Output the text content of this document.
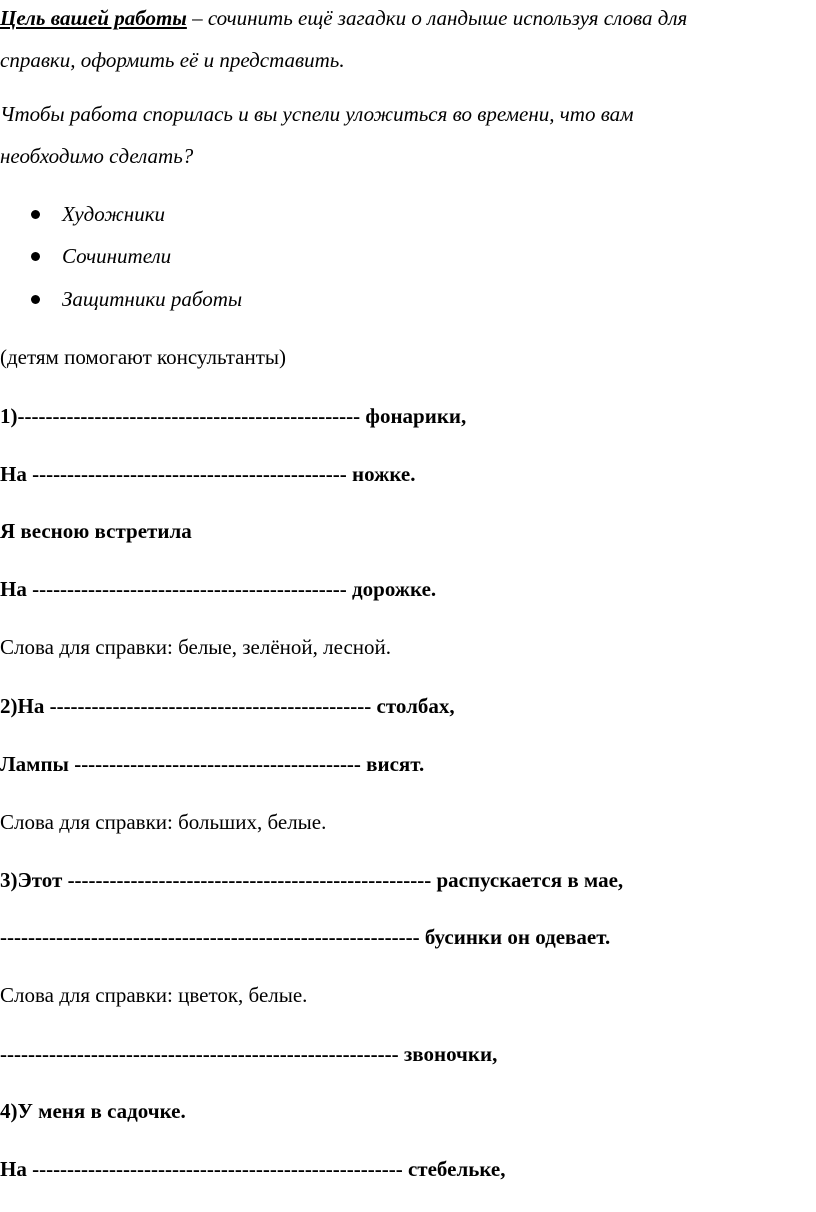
Цель вашей работы – сочинить ещё загадки о ландыше используя слова для
справки, оформить её и представить.
Чтобы работа спорилась и вы успели уложиться во времени, что вам
необходимо сделать?
Художники
Сочинители
Защитники работы
(детям помогают консультанты)
1)------------------------------------------------- фонарики,
На --------------------------------------------- ножке.
Я весною встретила
На --------------------------------------------- дорожке.
Слова для справки: белые, зелёной, лесной.
2)На ---------------------------------------------- столбах,
Лампы ----------------------------------------- висят.
Слова для справки: больших, белые.
3)Этот ---------------------------------------------------- распускается в мае,
------------------------------------------------------------ бусинки он одевает.
Слова для справки: цветок, белые.
--------------------------------------------------------- звоночки,
4)У меня в садочке.
На ----------------------------------------------------- стебельке,
